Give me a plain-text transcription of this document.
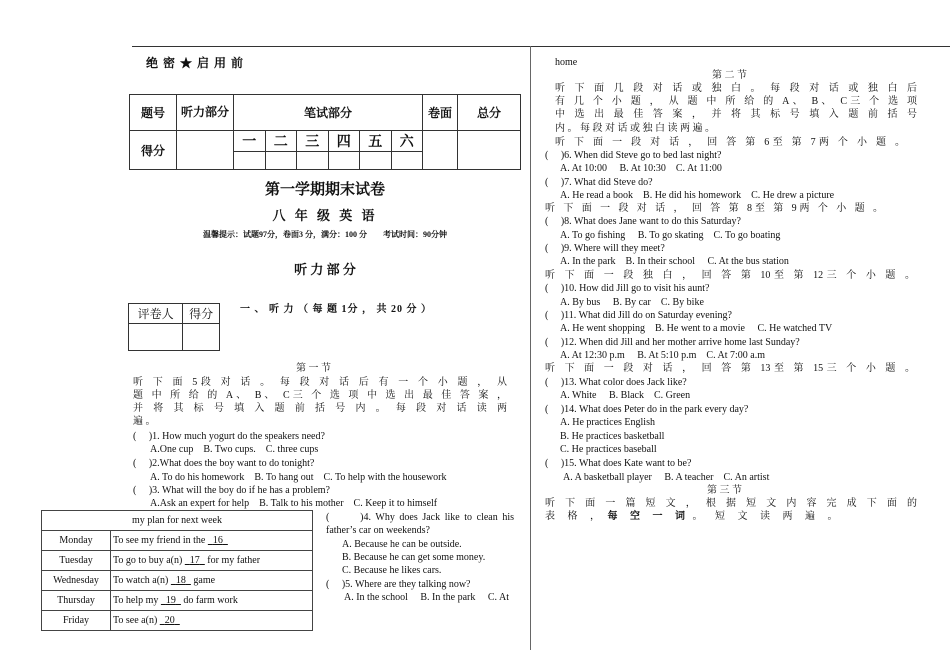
绝 密 ★ 启 用 前
题号	听力部分	笔试部分						卷面	总分
得分		一	二	三	四	五	六		

第一学期期末试卷
八 年 级 英 语
温馨提示：试题97分，卷面3 分，满分：100 分　　考试时间：90分钟
听 力 部 分
评卷人	得分
		一 、 听 力 （ 每 题 1分 ， 共 20 分 ）
第 一 节
听 下 面 5段 对 话 。 每 段 对 话 后 有 一 个 小 题 ， 从
题 中 所 给 的 A、 B、 C三 个 选 项 中 选 出 最 佳 答 案 ，
并 将 其 标 号 填 入 题 前 括 号 内 。 每 段 对 话 读 两
遍 。
(　 )1. How much yogurt do the speakers need?
A.One cup　B. Two cups.　C. three cups
(　 )2.What does the boy want to do tonight?
A. To do his homework　B. To hang out　C. To help with the housework
(　 )3. What will the boy do if he has a problem?
A.Ask an expert for help　B. Talk to his mother　C. Keep it to himself
(　　 )4. Why does Jack like to clean his
father’s car on weekends?
A. Because he can be outside.
B. Because he can get some money.
C. Because he likes cars.
(　 )5. Where are they talking now?
A. In the school　 B. In the park　 C. At
my plan for next week	
Monday	To see my friend in the   16
Tuesday	To go to buy a(n)   17   for my father
Wednesday	To watch a(n)   18   game
Thursday	To help my   19   do farm work
Friday	To see a(n)   20
home
第 二 节
听 下 面 几 段 对 话 或 独 白 。 每 段 对 话 或 独 白 后
有 几 个 小 题 ， 从 题 中 所 给 的 A、 B、 C三 个 选 项
中 选 出 最 佳 答 案 ， 并 将 其 标 号 填 入 题 前 括 号
内 。 每 段 对 话 或 独 白 读 两 遍 。
听 下 面 一 段 对 话 ， 回 答 第 6至 第 7两 个 小 题 。
(　 )6. When did Steve go to bed last night?
A. At 10:00　 B. At 10:30　C. At 11:00
(　 )7. What did Steve do?
A. He read a book　B. He did his homework　C. He drew a picture
听 下 面 一 段 对 话 ， 回 答 第 8至 第 9两 个 小 题 。
(　 )8. What does Jane want to do this Saturday?
A. To go fishing　 B. To go skating　C. To go boating
(　 )9. Where will they meet?
A. In the park　B. In their school　 C. At the bus station
听 下 面 一 段 独 白 ， 回 答 第 10至 第 12三 个 小 题 。
(　 )10. How did Jill go to visit his aunt?
A. By bus　 B. By car　C. By bike
(　 )11. What did Jill do on Saturday evening?
A. He went shopping　B. He went to a movie　 C. He watched TV
(　 )12. When did Jill and her mother arrive home last Sunday?
A. At 12:30 p.m　 B. At 5:10 p.m　C. At 7:00 a.m
听 下 面 一 段 对 话 ， 回 答 第 13至 第 15三 个 小 题 。
(　 )13. What color does Jack like?
A. White　 B. Black　C. Green
(　 )14. What does Peter do in the park every day?
A. He practices English
B. He practices basketball
C. He practices baseball
(　 )15. What does Kate want to be?
A. A basketball player　 B. A teacher　C. An artist
第 三 节
听 下 面 一 篇 短 文 ， 根 据 短 文 内 容 完 成 下 面 的
表 格 ， 每 空 一 词 。 短 文 读 两 遍 。
